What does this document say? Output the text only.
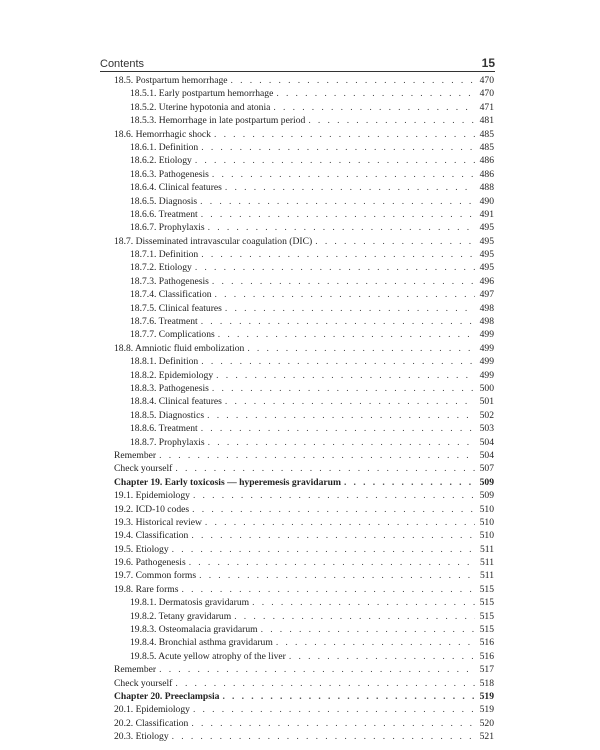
Contents	15
18.5. Postpartum hemorrhage . . .	470
18.5.1. Early postpartum hemorrhage . . .	470
18.5.2. Uterine hypotonia and atonia . . .	471
18.5.3. Hemorrhage in late postpartum period . . .	481
18.6. Hemorrhagic shock . . .	485
18.6.1. Definition . . .	485
18.6.2. Etiology . . .	486
18.6.3. Pathogenesis . . .	486
18.6.4. Clinical features . . .	488
18.6.5. Diagnosis . . .	490
18.6.6. Treatment . . .	491
18.6.7. Prophylaxis . . .	495
18.7. Disseminated intravascular coagulation (DIC) . . .	495
18.7.1. Definition . . .	495
18.7.2. Etiology . . .	495
18.7.3. Pathogenesis . . .	496
18.7.4. Classification . . .	497
18.7.5. Clinical features . . .	498
18.7.6. Treatment . . .	498
18.7.7. Complications . . .	499
18.8. Amniotic fluid embolization . . .	499
18.8.1. Definition . . .	499
18.8.2. Epidemiology . . .	499
18.8.3. Pathogenesis . . .	500
18.8.4. Clinical features . . .	501
18.8.5. Diagnostics . . .	502
18.8.6. Treatment . . .	503
18.8.7. Prophylaxis . . .	504
Remember . . .	504
Check yourself . . .	507
Chapter 19. Early toxicosis — hyperemesis gravidarum . . .	509
19.1. Epidemiology . . .	509
19.2. ICD-10 codes . . .	510
19.3. Historical review . . .	510
19.4. Classification . . .	510
19.5. Etiology . . .	511
19.6. Pathogenesis . . .	511
19.7. Common forms . . .	511
19.8. Rare forms . . .	515
19.8.1. Dermatosis gravidarum . . .	515
19.8.2. Tetany gravidarum . . .	515
19.8.3. Osteomalacia gravidarum . . .	515
19.8.4. Bronchial asthma gravidarum . . .	516
19.8.5. Acute yellow atrophy of the liver . . .	516
Remember . . .	517
Check yourself . . .	518
Chapter 20. Preeclampsia . . .	519
20.1. Epidemiology . . .	519
20.2. Classification . . .	520
20.3. Etiology . . .	521
